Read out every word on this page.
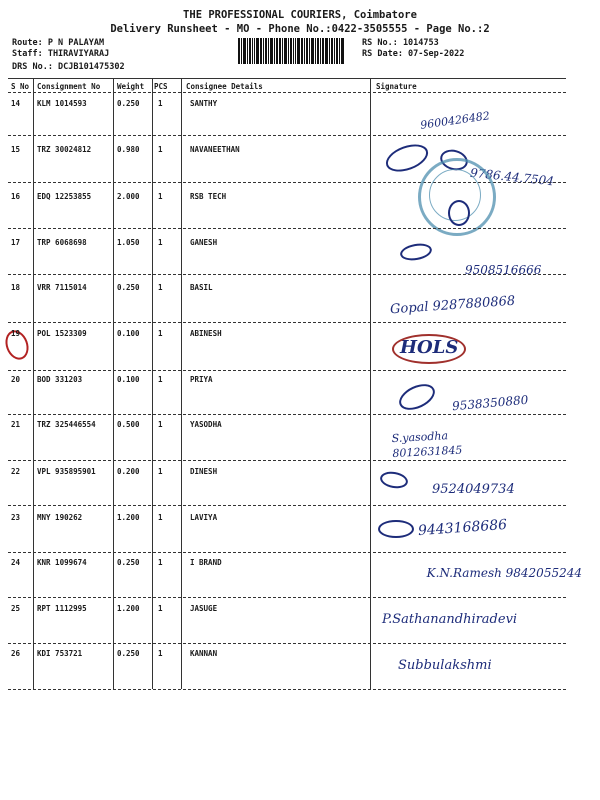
THE PROFESSIONAL COURIERS, Coimbatore
Delivery Runsheet - MO - Phone No.:0422-3505555 - Page No.:2
Route: P N PALAYAM
Staff: THIRAVIYARAJ
DRS No.: DCJB101475302
RS No.: 1014753
RS Date: 07-Sep-2022
S No Consignment No Weight PCS Consignee Details	Signature
14 KLM 1014593	0.250 1	SANTHY
9600426482
15 TRZ 30024812	0.980 1	NAVANEETHAN
9786.44.7504
16 EDQ 12253855	2.000 1	RSB TECH
17 TRP 6068698	1.050 1	GANESH
9508516666
18 VRR 7115014	0.250 1	BASIL
Gopal 9287880868
19 POL 1523309	0.100 1	ABINESH
HOLS
20 BOD 331203	0.100 1	PRIYA
9538350880
21 TRZ 325446554	0.500 1	YASODHA
S.yasodha 8012631845
22 VPL 935895901	0.200 1	DINESH
9524049734
23 MNY 190262	1.200 1	LAVIYA	9443168686
24 KNR 1099674	0.250 1	I BRAND
K.N.Ramesh 9842055244
25 RPT 1112995	1.200 1	JASUGE
P.Sathanandhiradevi
26 KDI 753721	0.250 1	KANNAN
Subbulakshmi
